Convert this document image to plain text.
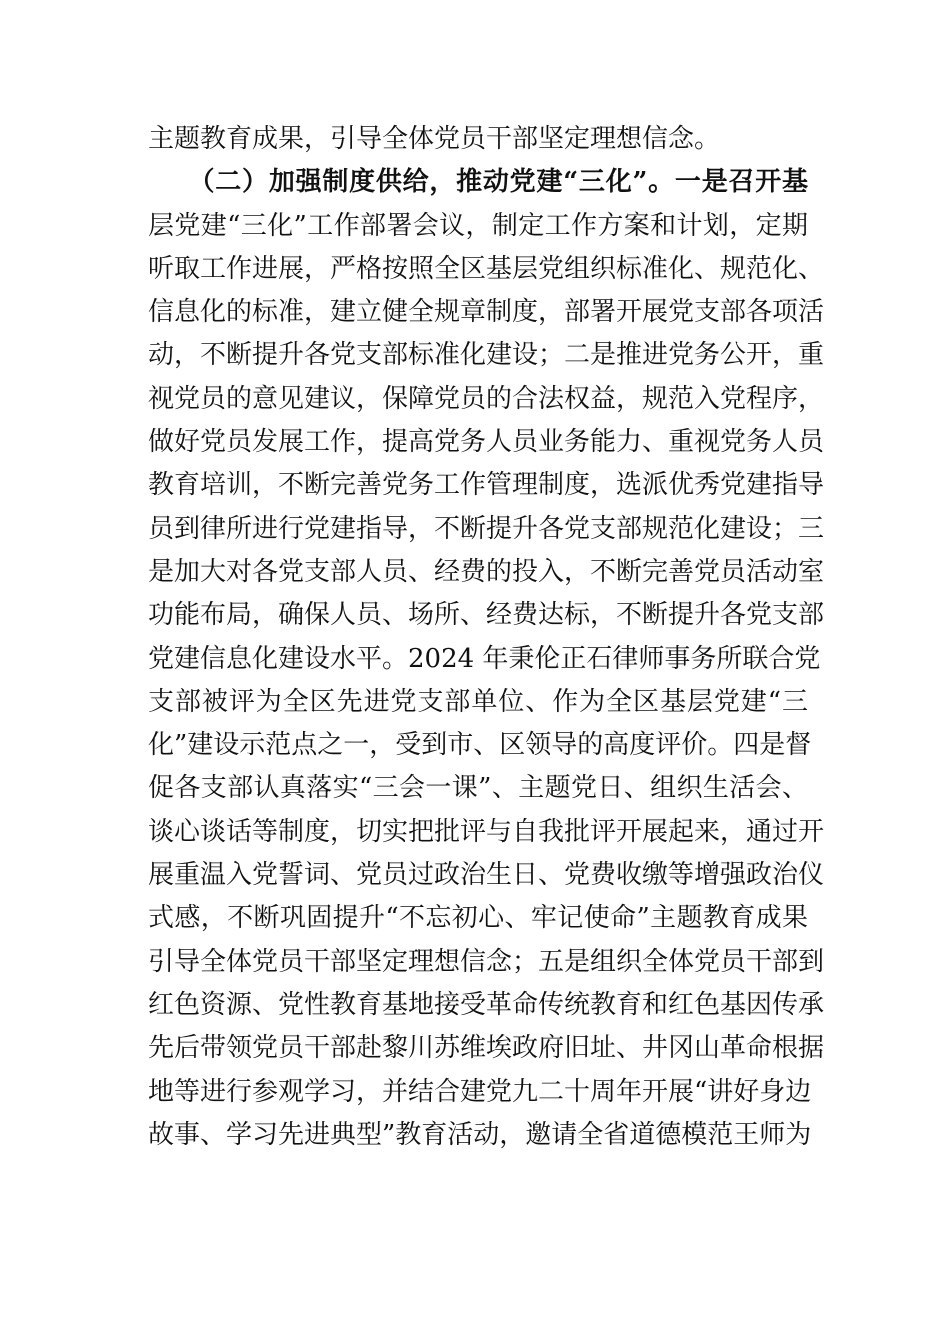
主题教育成果，引导全体党员干部坚定理想信念。
　　（二）加强制度供给，推动党建“三化”。一是召开基
层党建“三化”工作部署会议，制定工作方案和计划，定期
听取工作进展，严格按照全区基层党组织标准化、规范化、
信息化的标准，建立健全规章制度，部署开展党支部各项活
动，不断提升各党支部标准化建设；二是推进党务公开，重
视党员的意见建议，保障党员的合法权益，规范入党程序，
做好党员发展工作，提高党务人员业务能力、重视党务人员
教育培训，不断完善党务工作管理制度，选派优秀党建指导
员到律所进行党建指导，不断提升各党支部规范化建设；三
是加大对各党支部人员、经费的投入，不断完善党员活动室
功能布局，确保人员、场所、经费达标，不断提升各党支部
党建信息化建设水平。2024 年秉伦正石律师事务所联合党
支部被评为全区先进党支部单位、作为全区基层党建“三
化”建设示范点之一，受到市、区领导的高度评价。四是督
促各支部认真落实“三会一课”、主题党日、组织生活会、
谈心谈话等制度，切实把批评与自我批评开展起来，通过开
展重温入党誓词、党员过政治生日、党费收缴等增强政治仪
式感，不断巩固提升“不忘初心、牢记使命”主题教育成果
引导全体党员干部坚定理想信念；五是组织全体党员干部到
红色资源、党性教育基地接受革命传统教育和红色基因传承
先后带领党员干部赴黎川苏维埃政府旧址、井冈山革命根据
地等进行参观学习，并结合建党九二十周年开展“讲好身边
故事、学习先进典型”教育活动，邀请全省道德模范王师为
